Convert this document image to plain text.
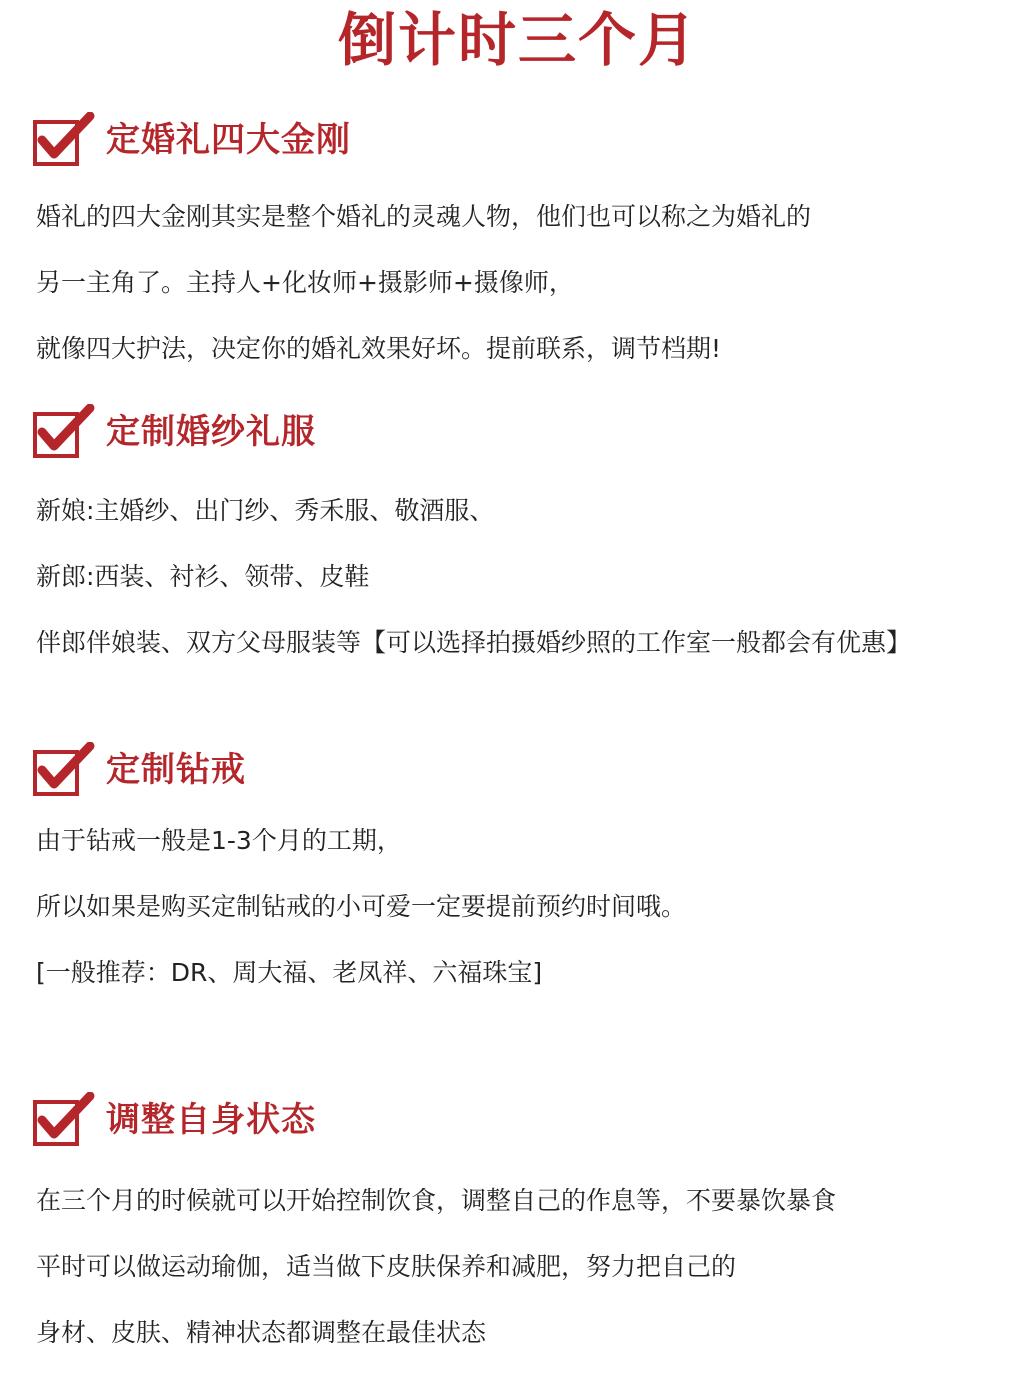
倒计时三个月
定婚礼四大金刚
婚礼的四大金刚其实是整个婚礼的灵魂人物，他们也可以称之为婚礼的
另一主角了。主持人+化妆师+摄影师+摄像师，
就像四大护法，决定你的婚礼效果好坏。提前联系，调节档期!
定制婚纱礼服
新娘:主婚纱、出门纱、秀禾服、敬酒服、
新郎:西装、衬衫、领带、皮鞋
伴郎伴娘装、双方父母服装等【可以选择拍摄婚纱照的工作室一般都会有优惠】
定制钻戒
由于钻戒一般是1-3个月的工期，
所以如果是购买定制钻戒的小可爱一定要提前预约时间哦。
[一般推荐：DR、周大福、老凤祥、六福珠宝]
调整自身状态
在三个月的时候就可以开始控制饮食，调整自己的作息等，不要暴饮暴食
平时可以做运动瑜伽，适当做下皮肤保养和减肥，努力把自己的
身材、皮肤、精神状态都调整在最佳状态
